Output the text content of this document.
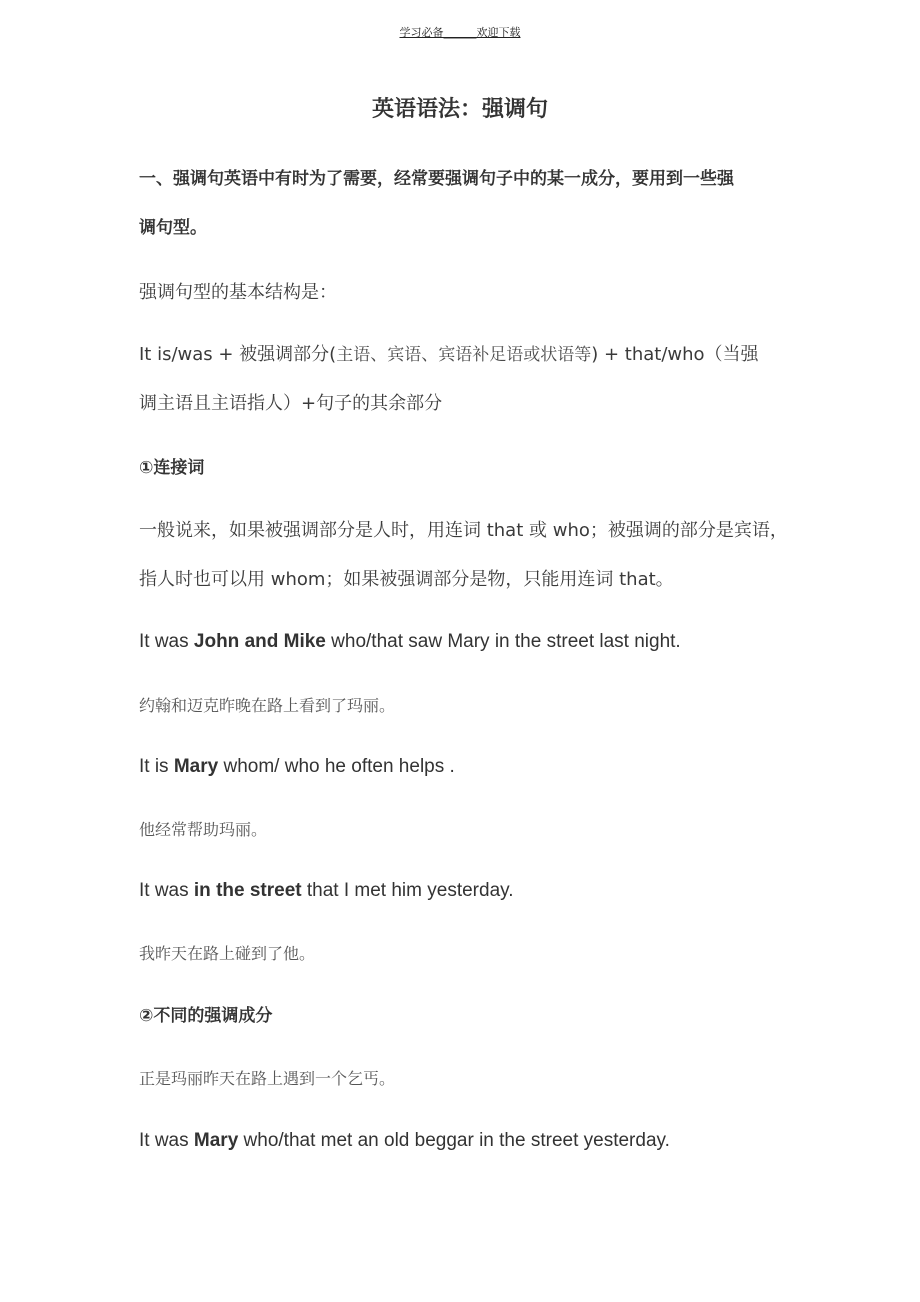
学习必备______欢迎下载
英语语法：强调句
一、强调句英语中有时为了需要，经常要强调句子中的某一成分，要用到一些强
调句型。
强调句型的基本结构是：
It is/was + 被强调部分(主语、宾语、宾语补足语或状语等) + that/who（当强
调主语且主语指人）+句子的其余部分
①连接词
一般说来，如果被强调部分是人时，用连词 that 或 who；被强调的部分是宾语，
指人时也可以用 whom；如果被强调部分是物，只能用连词 that。
It was John and Mike who/that saw Mary in the street last night.
约翰和迈克昨晚在路上看到了玛丽。
It is Mary whom/ who he often helps .
他经常帮助玛丽。
It was in the street that I met him yesterday.
我昨天在路上碰到了他。
②不同的强调成分
正是玛丽昨天在路上遇到一个乞丐。
It was Mary who/that met an old beggar in the street yesterday.
